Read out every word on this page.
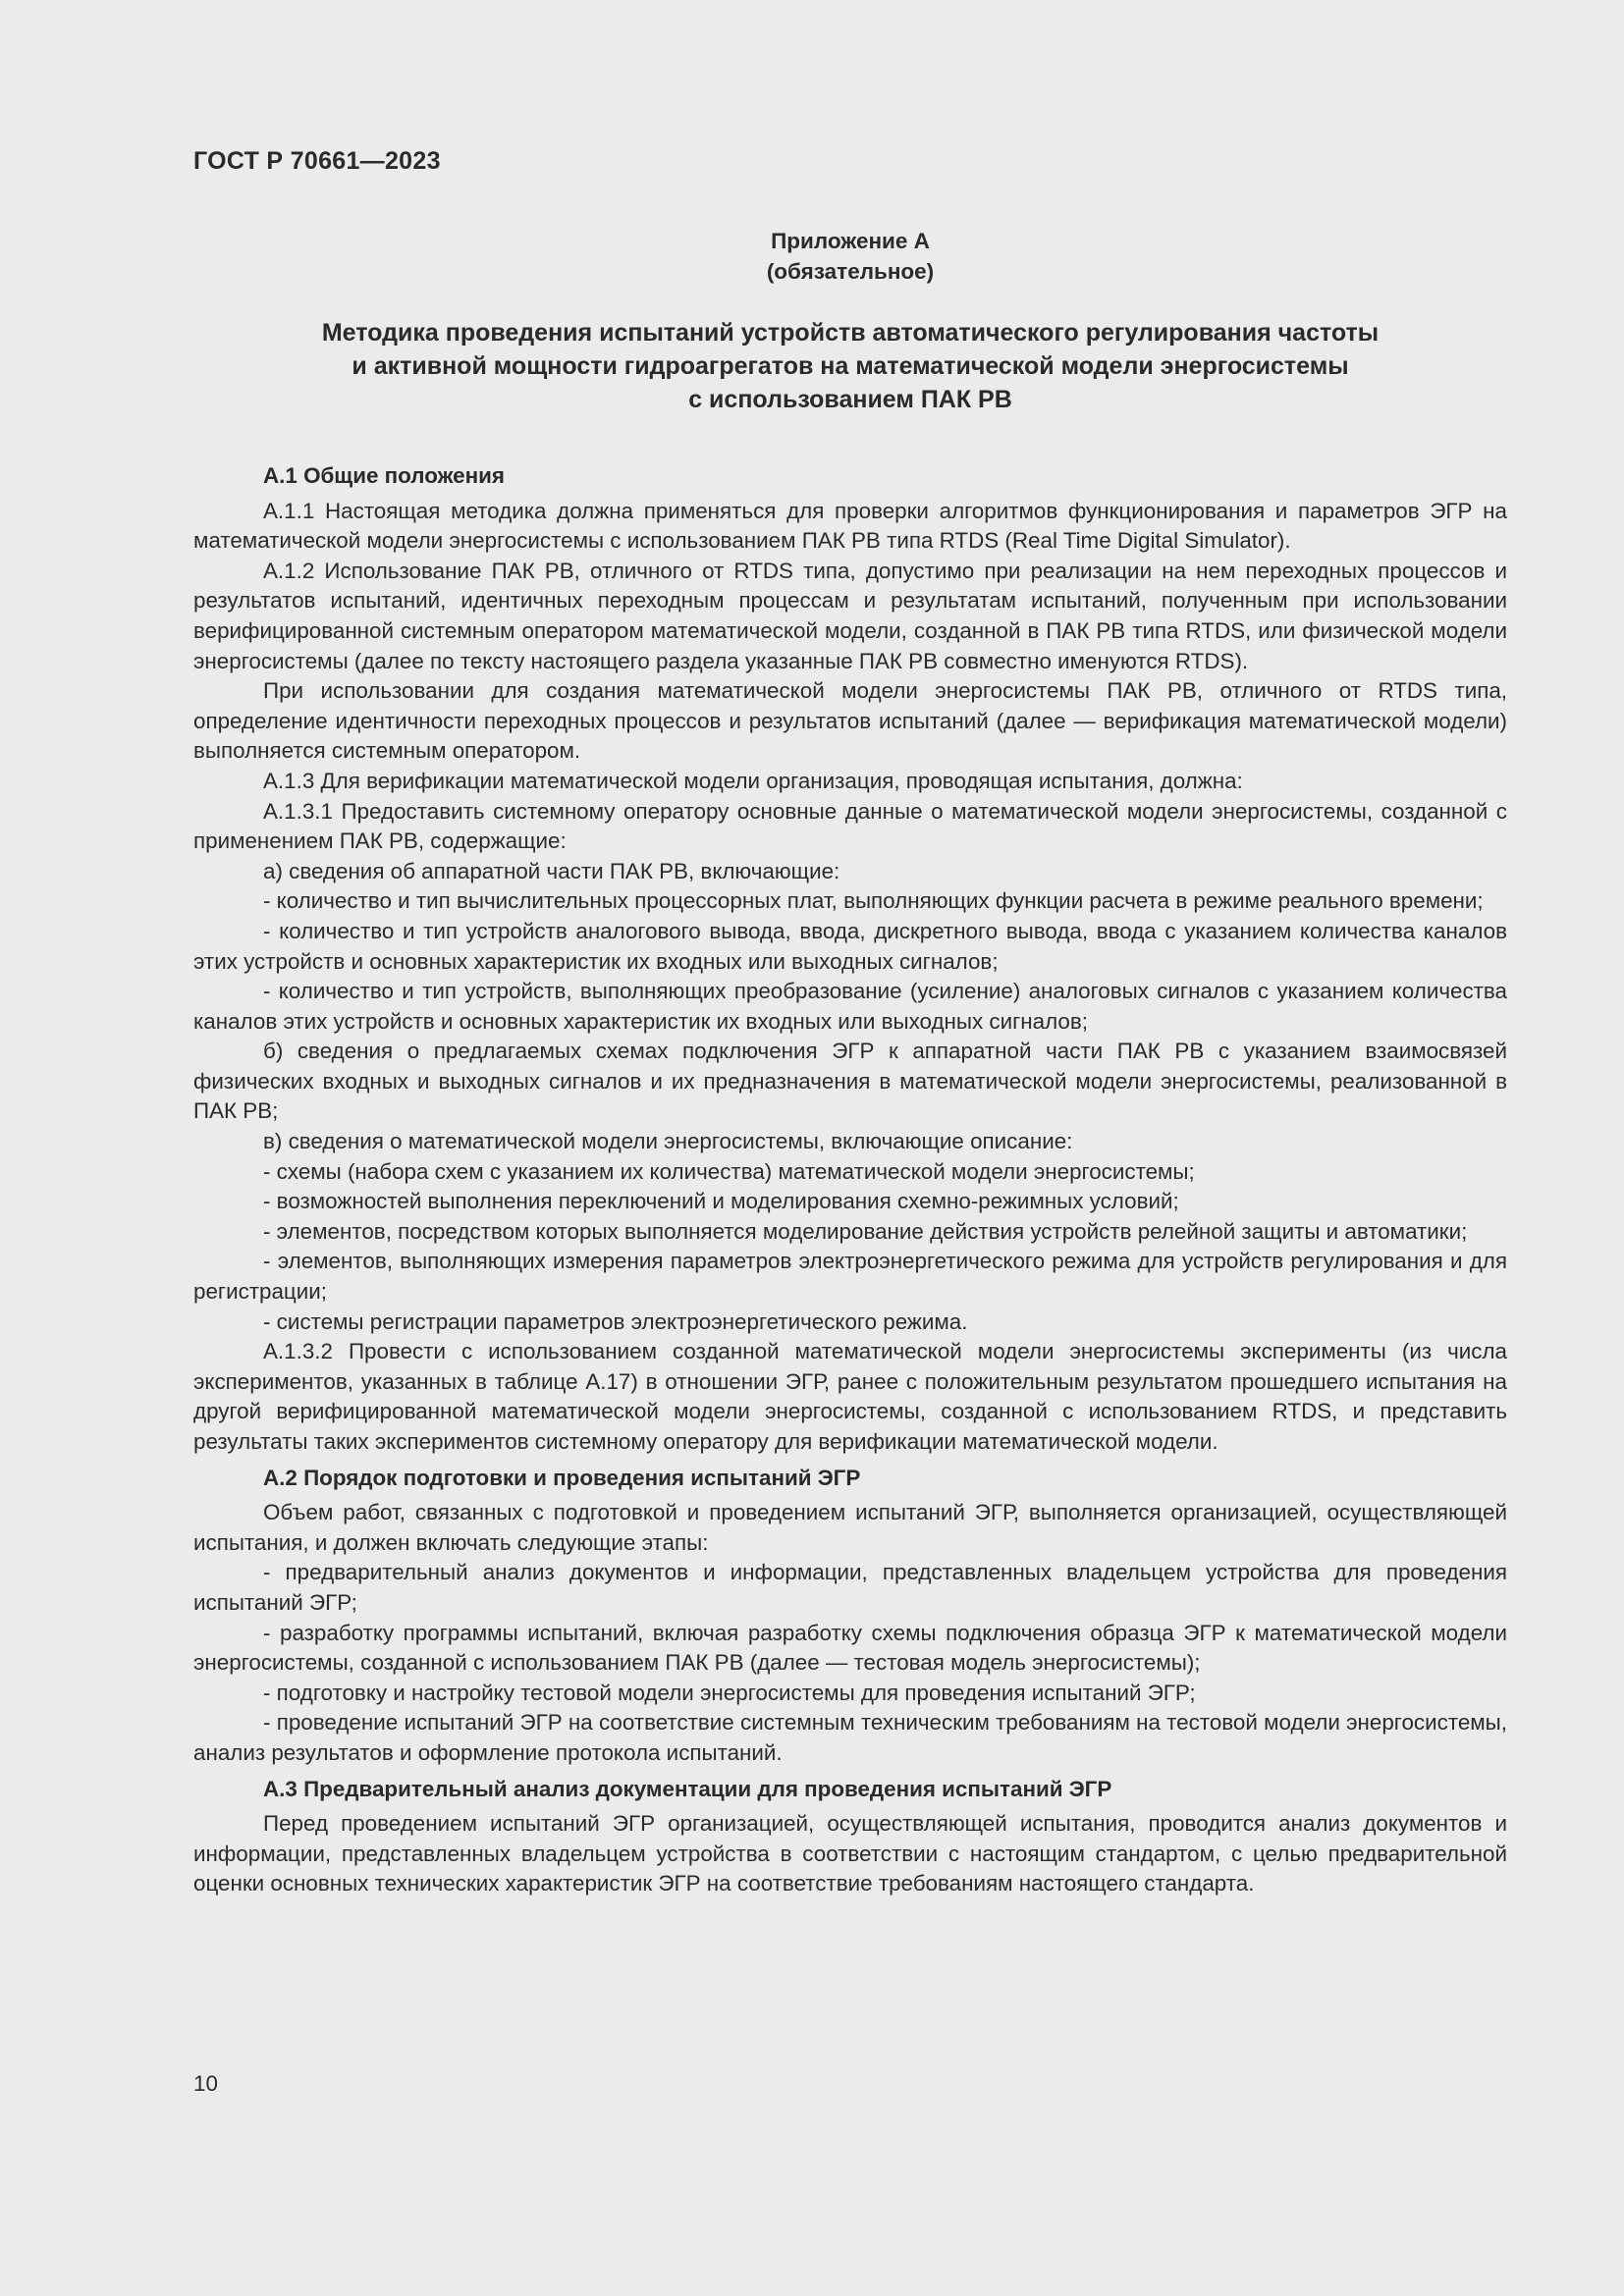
ГОСТ Р 70661—2023
Приложение А
(обязательное)
Методика проведения испытаний устройств автоматического регулирования частоты
и активной мощности гидроагрегатов на математической модели энергосистемы
с использованием ПАК РВ

А.1 Общие положения

А.1.1 Настоящая методика должна применяться для проверки алгоритмов функционирования и параметров ЭГР на математической модели энергосистемы с использованием ПАК РВ типа RTDS (Real Time Digital Simulator).

А.1.2 Использование ПАК РВ, отличного от RTDS типа, допустимо при реализации на нем переходных процессов и результатов испытаний, идентичных переходным процессам и результатам испытаний, полученным при использовании верифицированной системным оператором математической модели, созданной в ПАК РВ типа RTDS, или физической модели энергосистемы (далее по тексту настоящего раздела указанные ПАК РВ совместно именуются RTDS).

При использовании для создания математической модели энергосистемы ПАК РВ, отличного от RTDS типа, определение идентичности переходных процессов и результатов испытаний (далее — верификация математической модели) выполняется системным оператором.

А.1.3 Для верификации математической модели организация, проводящая испытания, должна:

А.1.3.1 Предоставить системному оператору основные данные о математической модели энергосистемы, созданной с применением ПАК РВ, содержащие:

а) сведения об аппаратной части ПАК РВ, включающие:

- количество и тип вычислительных процессорных плат, выполняющих функции расчета в режиме реального времени;

- количество и тип устройств аналогового вывода, ввода, дискретного вывода, ввода с указанием количества каналов этих устройств и основных характеристик их входных или выходных сигналов;

- количество и тип устройств, выполняющих преобразование (усиление) аналоговых сигналов с указанием количества каналов этих устройств и основных характеристик их входных или выходных сигналов;

б) сведения о предлагаемых схемах подключения ЭГР к аппаратной части ПАК РВ с указанием взаимосвязей физических входных и выходных сигналов и их предназначения в математической модели энергосистемы, реализованной в ПАК РВ;

в) сведения о математической модели энергосистемы, включающие описание:

- схемы (набора схем с указанием их количества) математической модели энергосистемы;

- возможностей выполнения переключений и моделирования схемно-режимных условий;

- элементов, посредством которых выполняется моделирование действия устройств релейной защиты и автоматики;

- элементов, выполняющих измерения параметров электроэнергетического режима для устройств регулирования и для регистрации;

- системы регистрации параметров электроэнергетического режима.

А.1.3.2 Провести с использованием созданной математической модели энергосистемы эксперименты (из числа экспериментов, указанных в таблице А.17) в отношении ЭГР, ранее с положительным результатом прошедшего испытания на другой верифицированной математической модели энергосистемы, созданной с использованием RTDS, и представить результаты таких экспериментов системному оператору для верификации математической модели.

А.2 Порядок подготовки и проведения испытаний ЭГР

Объем работ, связанных с подготовкой и проведением испытаний ЭГР, выполняется организацией, осуществляющей испытания, и должен включать следующие этапы:

- предварительный анализ документов и информации, представленных владельцем устройства для проведения испытаний ЭГР;

- разработку программы испытаний, включая разработку схемы подключения образца ЭГР к математической модели энергосистемы, созданной с использованием ПАК РВ (далее — тестовая модель энергосистемы);

- подготовку и настройку тестовой модели энергосистемы для проведения испытаний ЭГР;

- проведение испытаний ЭГР на соответствие системным техническим требованиям на тестовой модели энергосистемы, анализ результатов и оформление протокола испытаний.

А.3 Предварительный анализ документации для проведения испытаний ЭГР

Перед проведением испытаний ЭГР организацией, осуществляющей испытания, проводится анализ документов и информации, представленных владельцем устройства в соответствии с настоящим стандартом, с целью предварительной оценки основных технических характеристик ЭГР на соответствие требованиям настоящего стандарта.

10
